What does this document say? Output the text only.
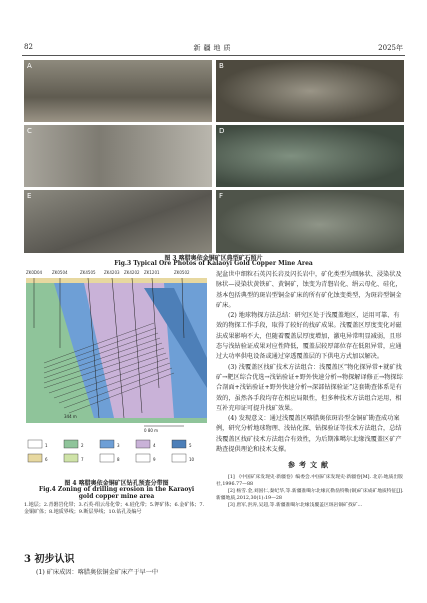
82	新疆地质	2025年
A	B
C	D
E	F
图 3 喀腊奥依金铜矿区典型矿石照片
Fig.3 Typical Ore Photos of Kalaoyi Gold Copper Mine Area
ZK0D04 ZK0504	ZK4505 ZK4203 ZK4202 ZK1201	ZK0502
344 m
0 80 m
1	2	3	4	5
6	7	8	9	10
图 4 喀腊奥依金铜矿区钻孔预查分带图
Fig.4 Zoning of drilling erosion in the Karaoyi
gold copper mine area
1.地层；2.青磐岩化带；3.石英-绢云母化带；4.硅化带；5.钾矿体；6.金矿体；7.金铜矿体；8.地质界线；9.断层界线；10.钻孔及编号
3 初步认识
(1) 矿床成因：喀腊奥依铜金矿床产于早一中

泥盆世中细粒石英闪长岩及闪长岩中，矿化类型为细脉状、浸染状及脉状—浸染状黄铁矿、黄铜矿，蚀变为青磐岩化、绢云母化、硅化，基本包括典型的斑岩型铜金矿床的所有矿化蚀变类型，为斑岩型铜金矿床。

(2) 地球物探方法总结：研究区处于浅覆盖地区，运用可靠、有效的物探工作手段，取得了较好的找矿成果。浅覆盖区厚度变化对磁法成果影响不大，但随着覆盖层厚度增加，激电异常明显减弱，且形态与浅钻验证成果对应性降低，覆盖层较厚部位存在低阻异常，应通过大功率供电设备或通过穿透覆盖层的下供电方式加以解决。

(3) 浅覆盖区找矿技术方法组合：浅覆盖区“物化探异常+就矿找矿→靶区综合优选→浅钻验证+野外快速分析→物探解译修正→物探综合剖面+浅钻验证+野外快速分析→深部钻探验证”这套勘查体系是有效的，虽然各手段均存在相应局限性，但多种技术方法组合运用，相互补充印证可提升找矿效果。

(4) 发现意义：通过浅覆盖区喀腊奥依斑岩型金铜矿勘查成功案例，研究分析地球物理、浅钻化探、钻探验证等技术方法组合，总结浅覆盖区找矿技术方法组合有效性，为后期准噶尔北缘浅覆盖区矿产勘查提供理论和技术支撑。

参考文献

[1] 《中国矿床发现史·新疆卷》编委会.中国矿床发现史·新疆卷[M]. 北京:地质出版社,1996.77—88

[2] 杨雪.金,刘国仁,秦纪华,等.新疆准噶尔北缘瓦勒翁特勒(铜)矿床成矿地质特征[J].新疆地质,2012,30(1):19—28

[3] 唐军,洪涛,吴超,等.新疆准噶尔北缘浅覆盖区斑岩铜矿找矿...
